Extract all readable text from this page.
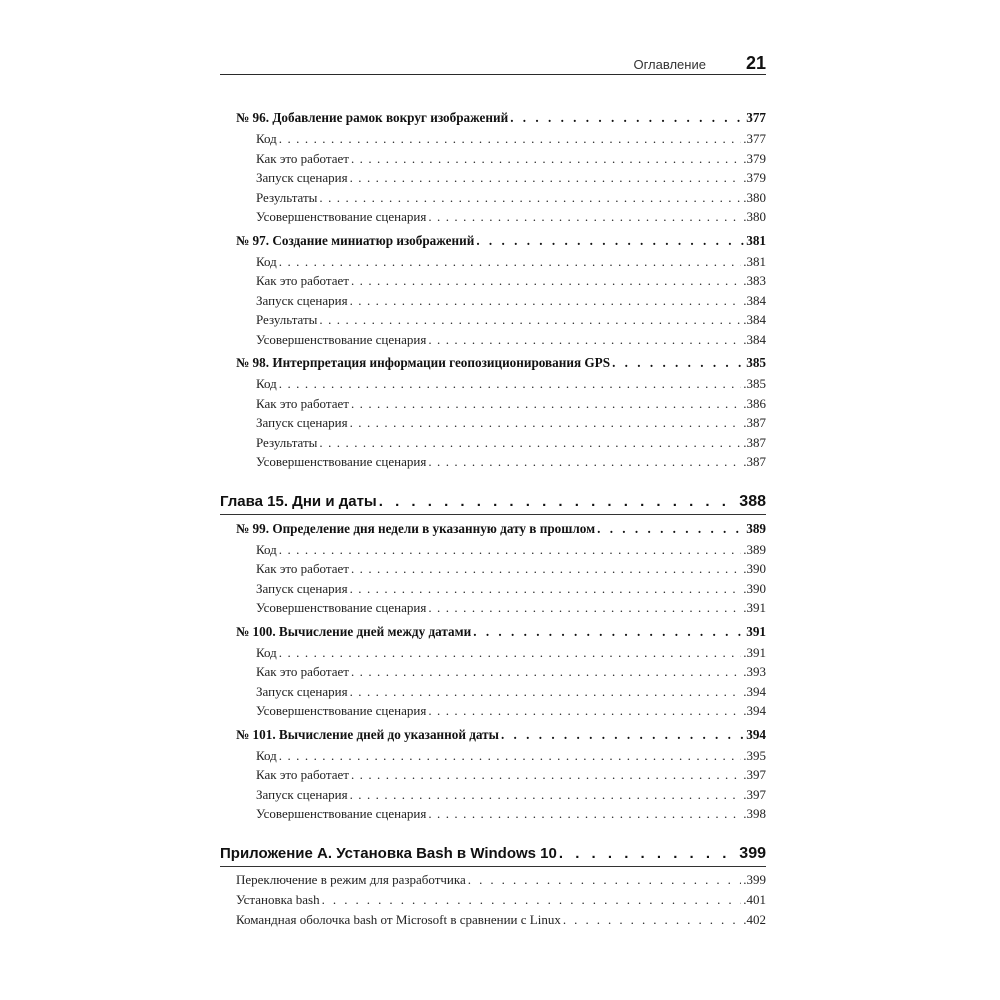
Оглавление 21
№ 96. Добавление рамок вокруг изображений . . .	377
Код . . .	.377
Как это работает . . .	.379
Запуск сценария . . .	.379
Результаты . . .	.380
Усовершенствование сценария . . .	.380
№ 97. Создание миниатюр изображений . . .	381
Код . . .	.381
Как это работает . . .	.383
Запуск сценария . . .	.384
Результаты . . .	.384
Усовершенствование сценария . . .	.384
№ 98. Интерпретация информации геопозиционирования GPS . . .	385
Код . . .	.385
Как это работает . . .	.386
Запуск сценария . . .	.387
Результаты . . .	.387
Усовершенствование сценария . . .	.387
Глава 15. Дни и даты . . .	388
№ 99. Определение дня недели в указанную дату в прошлом . . .	389
Код . . .	.389
Как это работает . . .	.390
Запуск сценария . . .	.390
Усовершенствование сценария . . .	.391
№ 100. Вычисление дней между датами . . .	391
Код . . .	.391
Как это работает . . .	.393
Запуск сценария . . .	.394
Усовершенствование сценария . . .	.394
№ 101. Вычисление дней до указанной даты . . .	394
Код . . .	.395
Как это работает . . .	.397
Запуск сценария . . .	.397
Усовершенствование сценария . . .	.398
Приложение А. Установка Bash в Windows 10 . . .	399
Переключение в режим для разработчика . . .	.399
Установка bash . . .	.401
Командная оболочка bash от Microsoft в сравнении с Linux . . .	.402
